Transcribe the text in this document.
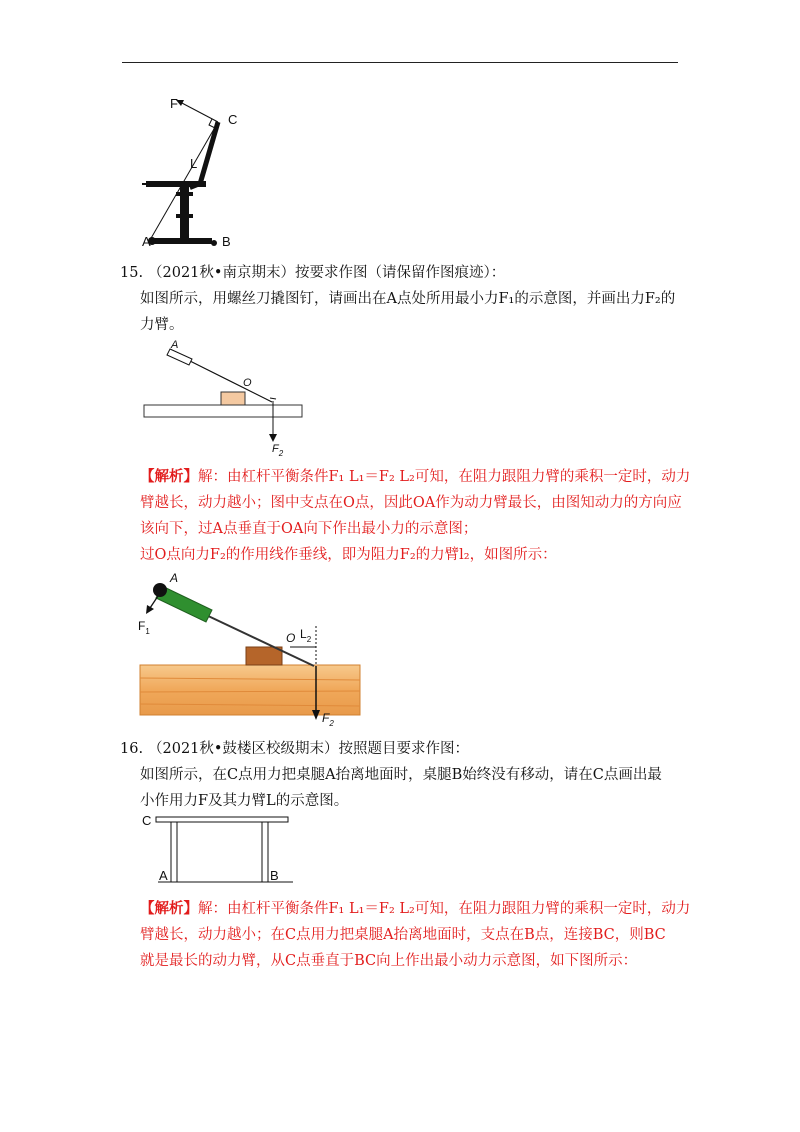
F
C
L
A	B
15. （2021秋•南京期末）按要求作图（请保留作图痕迹）：
如图所示，用螺丝刀撬图钉，请画出在A点处所用最小力F₁的示意图，并画出力F₂的
力臂。
A
O
$F_2$
【解析】解：由杠杆平衡条件F₁ L₁＝F₂ L₂可知，在阻力跟阻力臂的乘积一定时，动力
臂越长，动力越小；图中支点在O点，因此OA作为动力臂最长，由图知动力的方向应
该向下，过A点垂直于OA向下作出最小力的示意图；
过O点向力F₂的作用线作垂线，即为阻力F₂的力臂l₂，如图所示：
A
$F_1$	O $L_2$
$F_2$
16. （2021秋•鼓楼区校级期末）按照题目要求作图：
如图所示，在C点用力把桌腿A抬离地面时，桌腿B始终没有移动，请在C点画出最
小作用力F及其力臂L的示意图。
C
A	B
【解析】解：由杠杆平衡条件F₁ L₁＝F₂ L₂可知，在阻力跟阻力臂的乘积一定时，动力
臂越长，动力越小；在C点用力把桌腿A抬离地面时，支点在B点，连接BC，则BC
就是最长的动力臂，从C点垂直于BC向上作出最小动力示意图，如下图所示：
